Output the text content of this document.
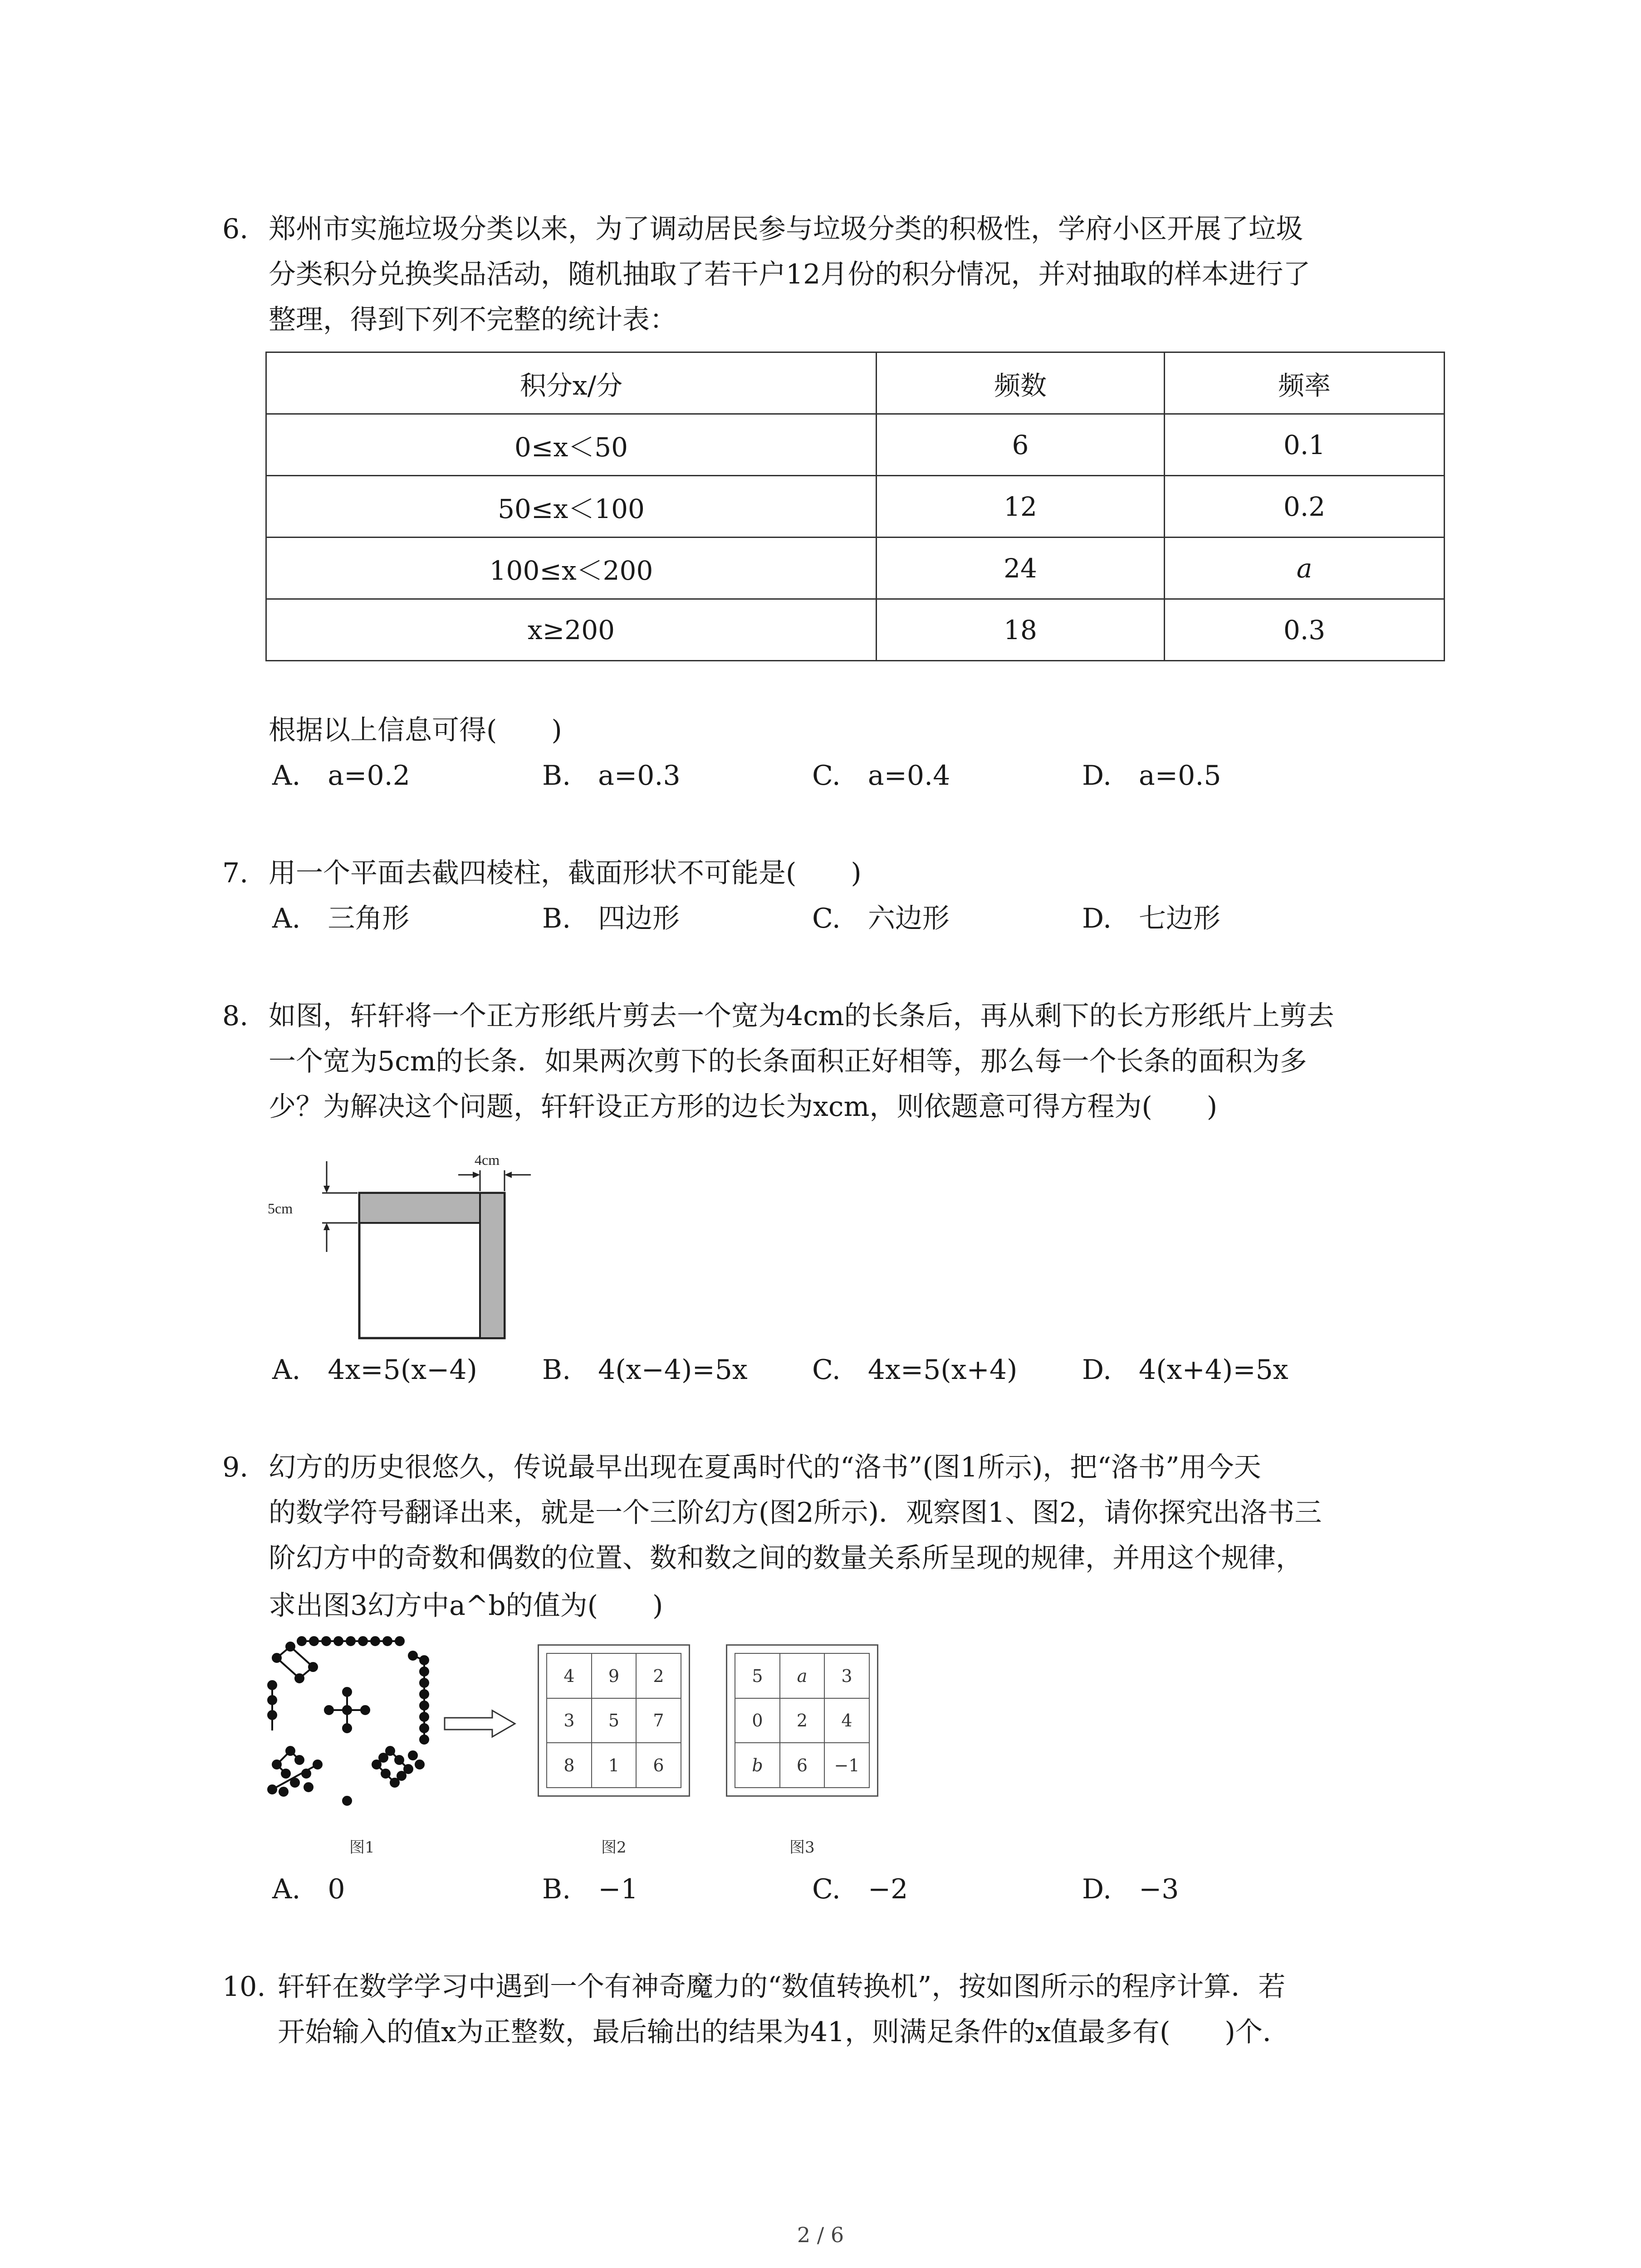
6. 郑州市实施垃圾分类以来，为了调动居民参与垃圾分类的积极性，学府小区开展了垃圾
分类积分兑换奖品活动，随机抽取了若干户12月份的积分情况，并对抽取的样本进行了
整理，得到下列不完整的统计表：
积分x/分	频数	频率
0≤x＜50	6	0.1
50≤x＜100	12	0.2
100≤x＜200	24	a
x≥200	18	0.3
根据以上信息可得(　　)
A.　a=0.2	B.　a=0.3	C.　a=0.4	D.　a=0.5
7. 用一个平面去截四棱柱，截面形状不可能是(　　)
A.　三角形	B.　四边形	C.　六边形	D.　七边形
8. 如图，轩轩将一个正方形纸片剪去一个宽为4cm的长条后，再从剩下的长方形纸片上剪去
一个宽为5cm的长条．如果两次剪下的长条面积正好相等，那么每一个长条的面积为多
少？为解决这个问题，轩轩设正方形的边长为xcm，则依题意可得方程为(　　)
4cm
5cm
A.　4x=5(x−4) B.　4(x−4)=5x C.　4x=5(x+4) D.　4(x+4)=5x
9. 幻方的历史很悠久，传说最早出现在夏禹时代的“洛书”(图1所示)，把“洛书”用今天
的数学符号翻译出来，就是一个三阶幻方(图2所示)．观察图1、图2，请你探究出洛书三
阶幻方中的奇数和偶数的位置、数和数之间的数量关系所呈现的规律，并用这个规律，
求出图3幻方中a^b的值为(　　)
4	9	2
3	5	7
8	1	6
5	a	3
0	2	4
b	6	−1
图1	图2	图3
A.　0	B.　−1	C.　−2	D.　−3
10. 轩轩在数学学习中遇到一个有神奇魔力的“数值转换机”，按如图所示的程序计算．若
开始输入的值x为正整数，最后输出的结果为41，则满足条件的x值最多有(　　)个．
2 / 6
